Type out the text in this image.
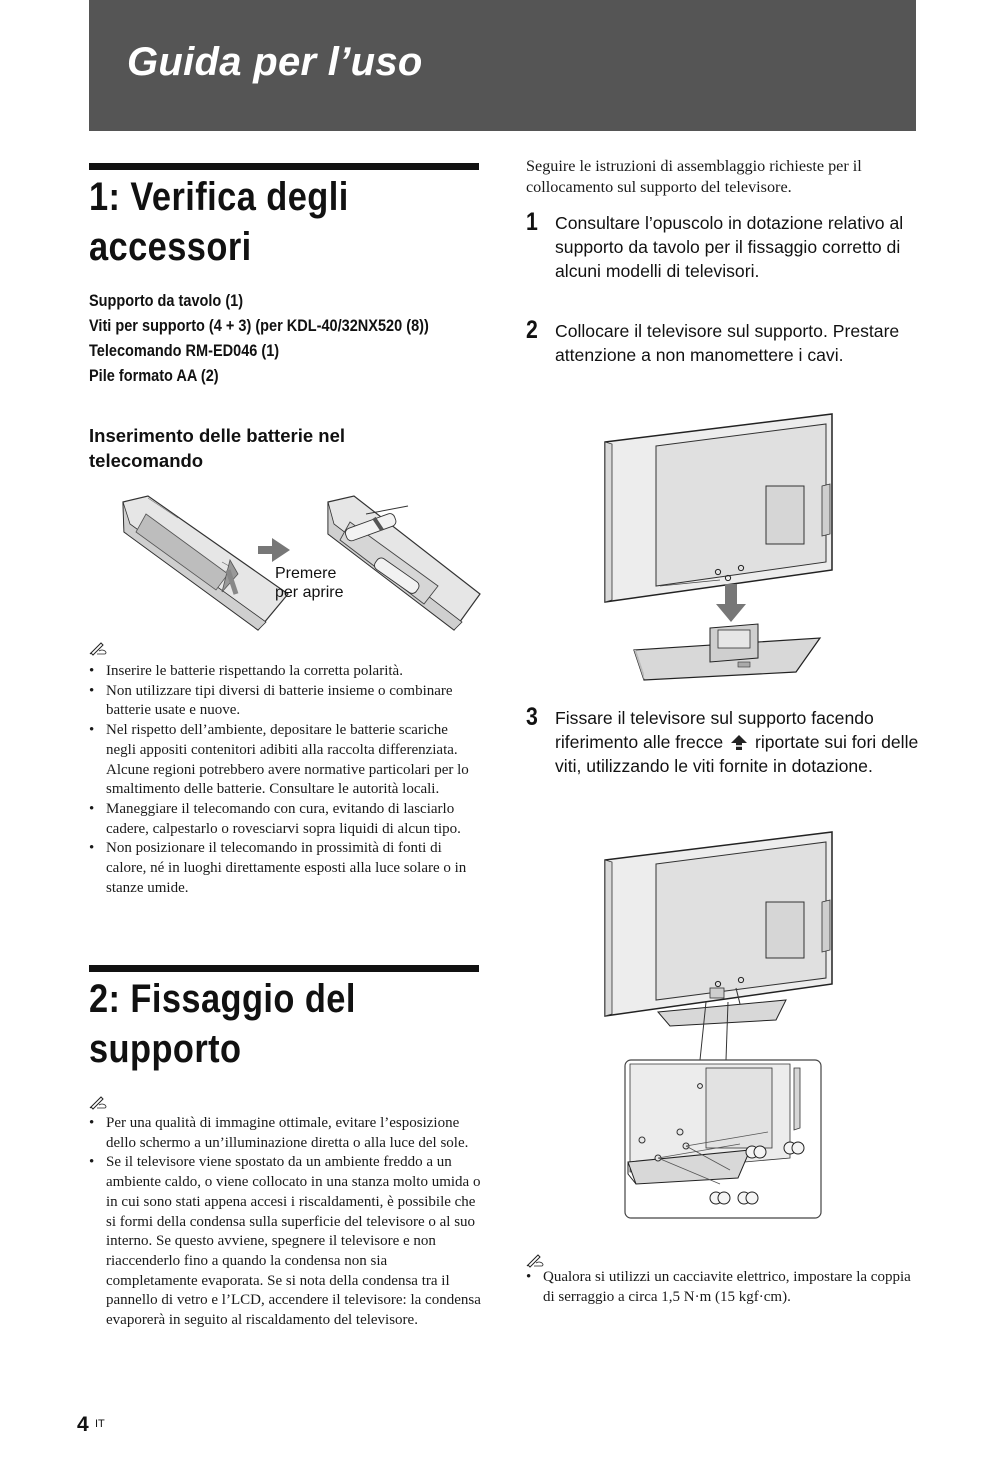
Guida per l’uso
1: Verifica degli
accessori
Supporto da tavolo (1)
Viti per supporto (4 + 3) (per KDL-40/32NX520 (8))
Telecomando RM-ED046 (1)
Pile formato AA (2)
Inserimento delle batterie nel telecomando
Premere
per aprire
• Inserire le batterie rispettando la corretta polarità.
• Non utilizzare tipi diversi di batterie insieme o combinare batterie usate e nuove.
• Nel rispetto dell’ambiente, depositare le batterie scariche negli appositi contenitori adibiti alla raccolta differenziata. Alcune regioni potrebbero avere normative particolari per lo smaltimento delle batterie. Consultare le autorità locali.
• Maneggiare il telecomando con cura, evitando di lasciarlo cadere, calpestarlo o rovesciarvi sopra liquidi di alcun tipo.
• Non posizionare il telecomando in prossimità di fonti di calore, né in luoghi direttamente esposti alla luce solare o in stanze umide.
2: Fissaggio del
supporto
• Per una qualità di immagine ottimale, evitare l’esposizione dello schermo a un’illuminazione diretta o alla luce del sole.
• Se il televisore viene spostato da un ambiente freddo a un ambiente caldo, o viene collocato in una stanza molto umida o in cui sono stati appena accesi i riscaldamenti, è possibile che si formi della condensa sulla superficie del televisore o al suo interno. Se questo avviene, spegnere il televisore e non riaccenderlo fino a quando la condensa non sia completamente evaporata. Se si nota della condensa tra il pannello di vetro e l’LCD, accendere il televisore: la condensa evaporerà in seguito al riscaldamento del televisore.
Seguire le istruzioni di assemblaggio richieste per il collocamento sul supporto del televisore.
1 Consultare l’opuscolo in dotazione relativo al supporto da tavolo per il fissaggio corretto di alcuni modelli di televisori.
2 Collocare il televisore sul supporto. Prestare attenzione a non manomettere i cavi.
3 Fissare il televisore sul supporto facendo riferimento alle frecce riportate sui fori delle viti, utilizzando le viti fornite in dotazione.
• Qualora si utilizzi un cacciavite elettrico, impostare la coppia di serraggio a circa 1,5 N·m (15 kgf·cm).
4 IT
